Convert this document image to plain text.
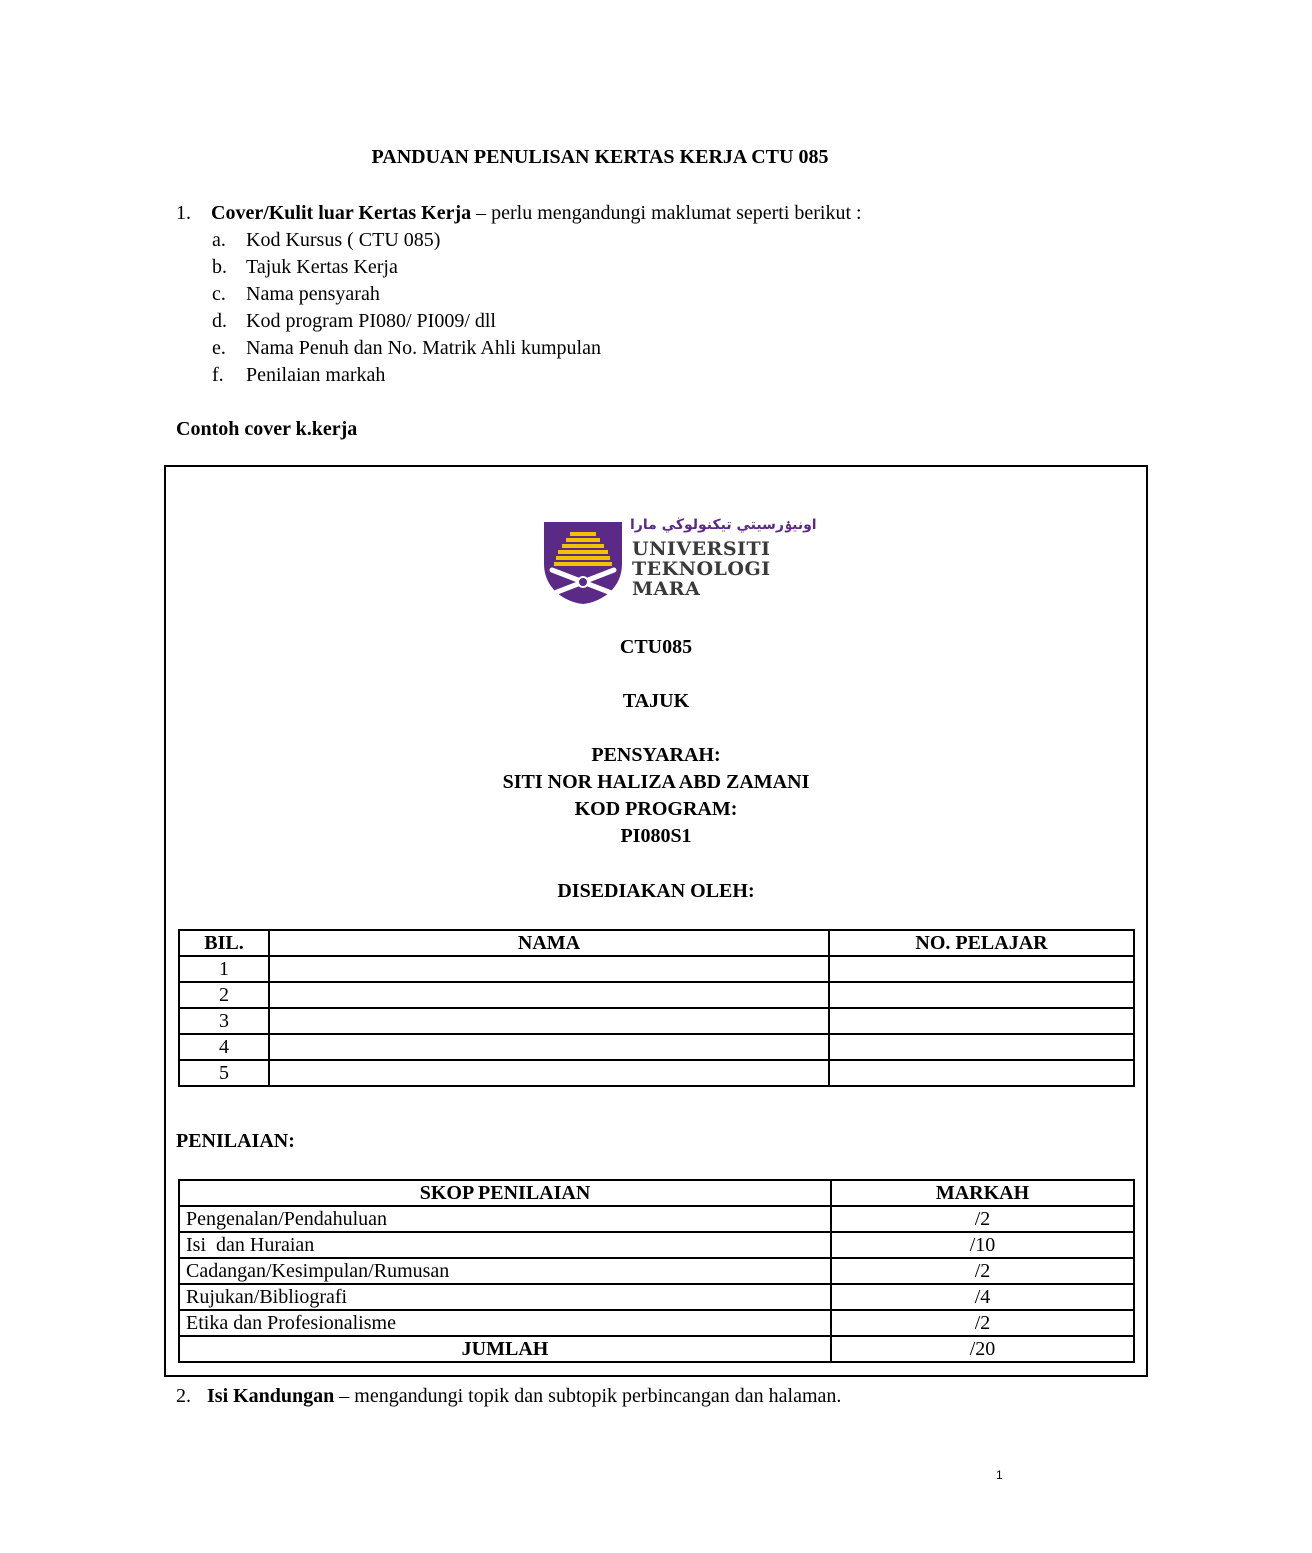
PANDUAN PENULISAN KERTAS KERJA CTU 085
1. Cover/Kulit luar Kertas Kerja – perlu mengandungi maklumat seperti berikut :
a. Kod Kursus ( CTU 085)
b. Tajuk Kertas Kerja
c. Nama pensyarah
d. Kod program PI080/ PI009/ dll
e. Nama Penuh dan No. Matrik Ahli kumpulan
f. Penilaian markah
Contoh cover k.kerja
اونيۏرسيتي تيكنولوڬي مارا
UNIVERSITI
TEKNOLOGI
MARA
CTU085
TAJUK
PENSYARAH:
SITI NOR HALIZA ABD ZAMANI
KOD PROGRAM:
PI080S1
DISEDIAKAN OLEH:
BIL.	NAMA	NO. PELAJAR
1		
2		
3		
4		
5		
PENILAIAN:
SKOP PENILAIAN	MARKAH
Pengenalan/Pendahuluan	/2
Isi  dan Huraian	/10
Cadangan/Kesimpulan/Rumusan	/2
Rujukan/Bibliografi	/4
Etika dan Profesionalisme	/2
JUMLAH	/20
2. Isi Kandungan – mengandungi topik dan subtopik perbincangan dan halaman.
1
